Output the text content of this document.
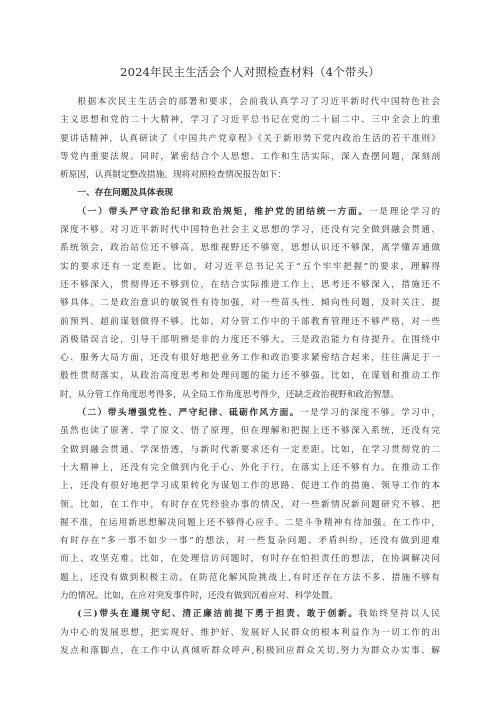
2024年民主生活会个人对照检查材料（4个带头）

根据本次民主生活会的部署和要求，会前我认真学习了习近平新时代中国特色社会

主义思想和党的二十大精神，学习了习近平总书记在党的二十届二中、三中全会上的重

要讲话精神，认真研读了《中国共产党章程》《关于新形势下党内政治生活的若干准则》

等党内重要法规。同时，紧密结合个人思想、工作和生活实际，深入查摆问题，深刻剖

析原因，认真制定整改措施。现将对照检查情况报告如下：

一、存在问题及具体表现

（一）带头严守政治纪律和政治规矩，维护党的团结统一方面。一是理论学习的

深度不够。对习近平新时代中国特色社会主义思想的学习，还没有完全做到融会贯通、

系统领会，政治站位还不够高，思维视野还不够宽，思想认识还不够深，离学懂弄通做

实的要求还有一定差距。比如，对习近平总书记关于“五个牢牢把握”的要求，理解得

还不够深入，贯彻得还不够到位，在结合实际推进工作上，思考还不够深入，措施还不

够具体。二是政治意识的敏锐性有待加强，对一些苗头性、倾向性问题，及时关注、提

前预判、超前谋划做得不够。比如，对分管工作中的干部教育管理还不够严格，对一些

消极错误言论，引导干部明辨是非的力度还不够大。三是政治能力有待提升。在围绕中

心、服务大局方面，还没有很好地把业务工作和政治要求紧密结合起来，往往满足于一

般性贯彻落实，从政治高度思考和处理问题的能力还不够强。比如，在谋划和推动工作

时，从分管工作角度思考得多，从全局工作角度思考得少，还缺乏政治视野和政治智慧。

（二）带头增强党性、严守纪律、砥砺作风方面。一是学习的深度不够。学习中，

虽然也读了原著、学了原文、悟了原理，但在理解和把握上还不够深入系统，还没有完

全做到融会贯通、学深悟透，与新时代新要求还有一定差距。比如，在学习贯彻党的二

十大精神上，还没有完全做到内化于心、外化于行，在落实上还不够有力。在推动工作

上，还没有很好地把学习成果转化为谋划工作的思路、促进工作的措施、领导工作的本

领。比如，在工作中，有时存在凭经验办事的情况，对一些新情况新问题研究不够、把

握不准，在运用新思想解决问题上还不够得心应手。二是斗争精神有待加强。在工作中，

有时存在“多一事不如少一事”的想法，对一些复杂问题、矛盾纠纷，还没有做到迎难

而上、攻坚克难。比如，在处理信访问题时，有时存在怕担责任的想法，在协调解决问

题上，还没有做到积极主动。在防范化解风险挑战上,有时还存在方法不多、措施不够有

力的情况。比如，在应对突发事件时，还没有做到沉着应对、科学处置。

(三)带头在遵规守纪、清正廉洁前提下勇于担责、敢于创新。我始终坚持以人民

为中心的发展思想，把实现好、维护好、发展好人民群众的根本利益作为一切工作的出

发点和落脚点，在工作中认真倾听群众呼声,积极回应群众关切,努力为群众办实事、解
